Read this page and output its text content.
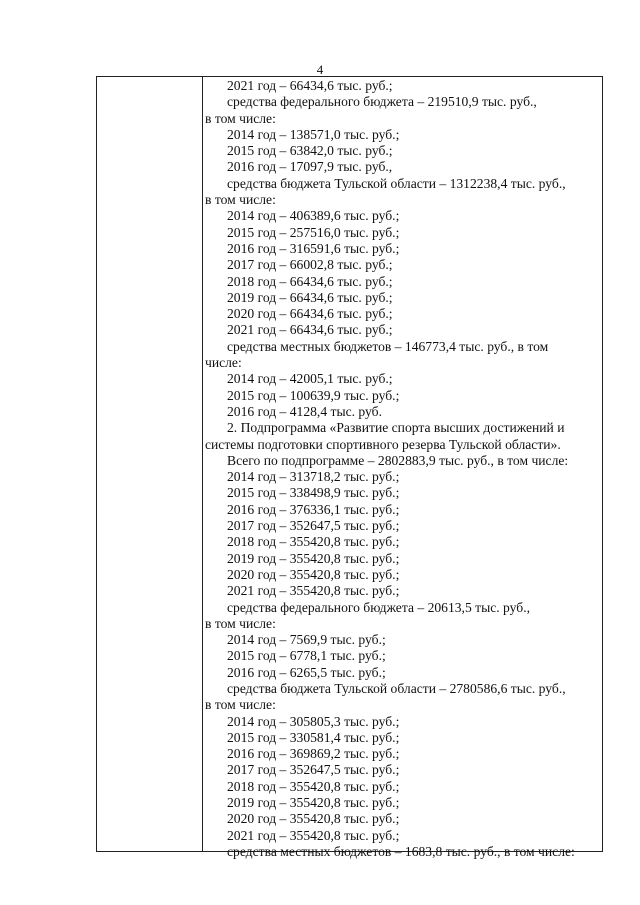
4
2021 год – 66434,6 тыс. руб.;
средства федерального бюджета – 219510,9 тыс. руб.,
в том числе:
2014 год – 138571,0 тыс. руб.;
2015 год – 63842,0 тыс. руб.;
2016 год – 17097,9 тыс. руб.,
средства бюджета Тульской области – 1312238,4 тыс. руб.,
в том числе:
2014 год – 406389,6 тыс. руб.;
2015 год – 257516,0 тыс. руб.;
2016 год – 316591,6 тыс. руб.;
2017 год – 66002,8 тыс. руб.;
2018 год – 66434,6 тыс. руб.;
2019 год – 66434,6 тыс. руб.;
2020 год – 66434,6 тыс. руб.;
2021 год – 66434,6 тыс. руб.;
средства местных бюджетов – 146773,4 тыс. руб., в том
числе:
2014 год – 42005,1 тыс. руб.;
2015 год – 100639,9 тыс. руб.;
2016 год – 4128,4 тыс. руб.
2. Подпрограмма «Развитие спорта высших достижений и
системы подготовки спортивного резерва Тульской области».
Всего по подпрограмме – 2802883,9 тыс. руб., в том числе:
2014 год – 313718,2 тыс. руб.;
2015 год – 338498,9 тыс. руб.;
2016 год – 376336,1 тыс. руб.;
2017 год – 352647,5 тыс. руб.;
2018 год – 355420,8 тыс. руб.;
2019 год – 355420,8 тыс. руб.;
2020 год – 355420,8 тыс. руб.;
2021 год – 355420,8 тыс. руб.;
средства федерального бюджета – 20613,5 тыс. руб.,
в том числе:
2014 год – 7569,9 тыс. руб.;
2015 год – 6778,1 тыс. руб.;
2016 год – 6265,5 тыс. руб.;
средства бюджета Тульской области – 2780586,6 тыс. руб.,
в том числе:
2014 год – 305805,3 тыс. руб.;
2015 год – 330581,4 тыс. руб.;
2016 год – 369869,2 тыс. руб.;
2017 год – 352647,5 тыс. руб.;
2018 год – 355420,8 тыс. руб.;
2019 год – 355420,8 тыс. руб.;
2020 год – 355420,8 тыс. руб.;
2021 год – 355420,8 тыс. руб.;
средства местных бюджетов – 1683,8 тыс. руб., в том числе:
